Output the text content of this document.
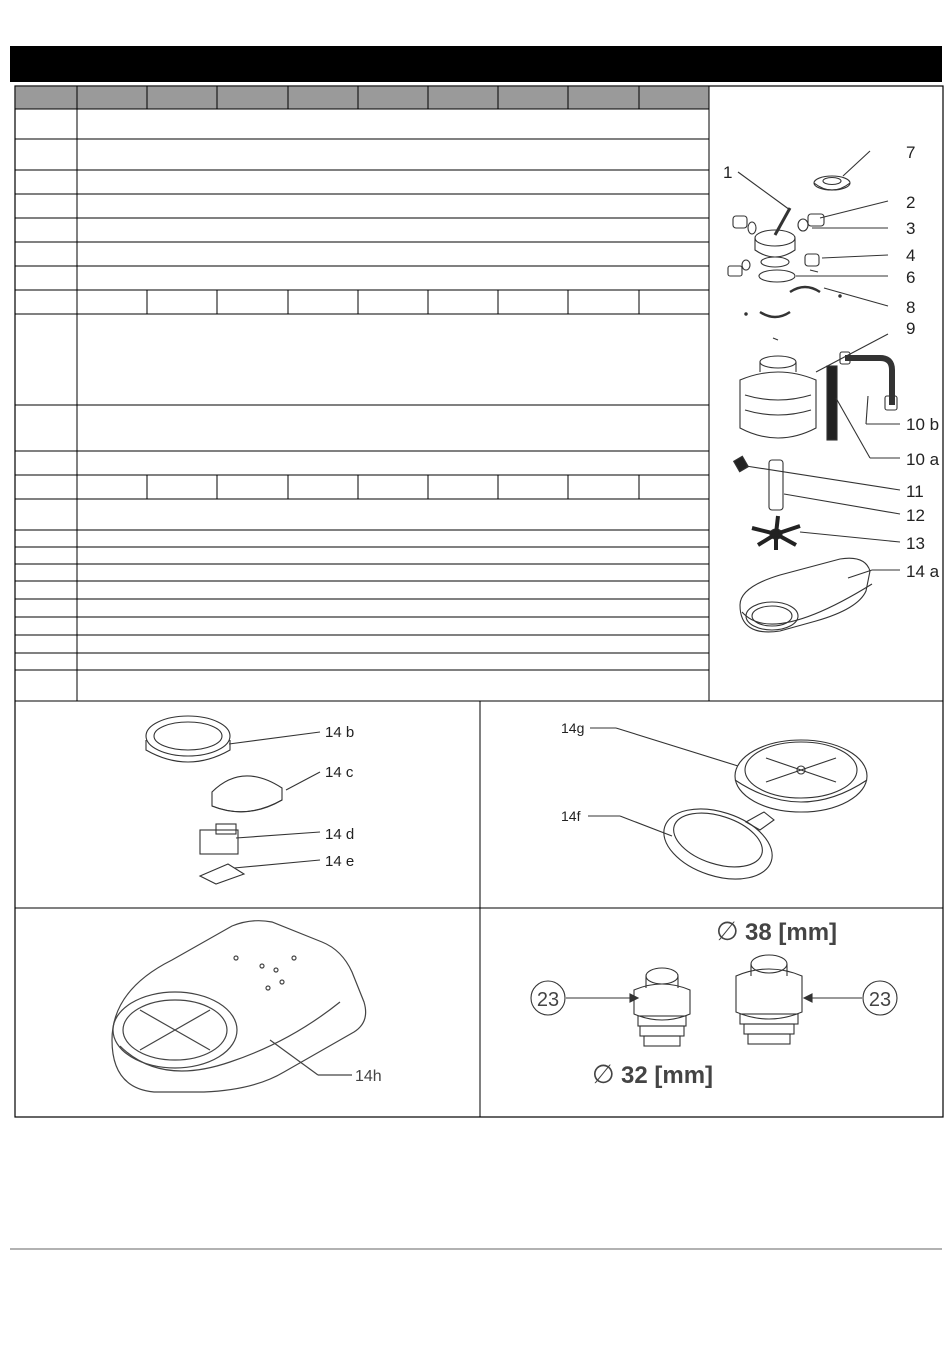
1
2
3
4
6
7
8
9
10 b
10 a
11
12
13
14 a
14 b
14 c
14 d
14 e
14g
14f
14h
23	23
∅ 38 [mm]
∅ 32 [mm]
